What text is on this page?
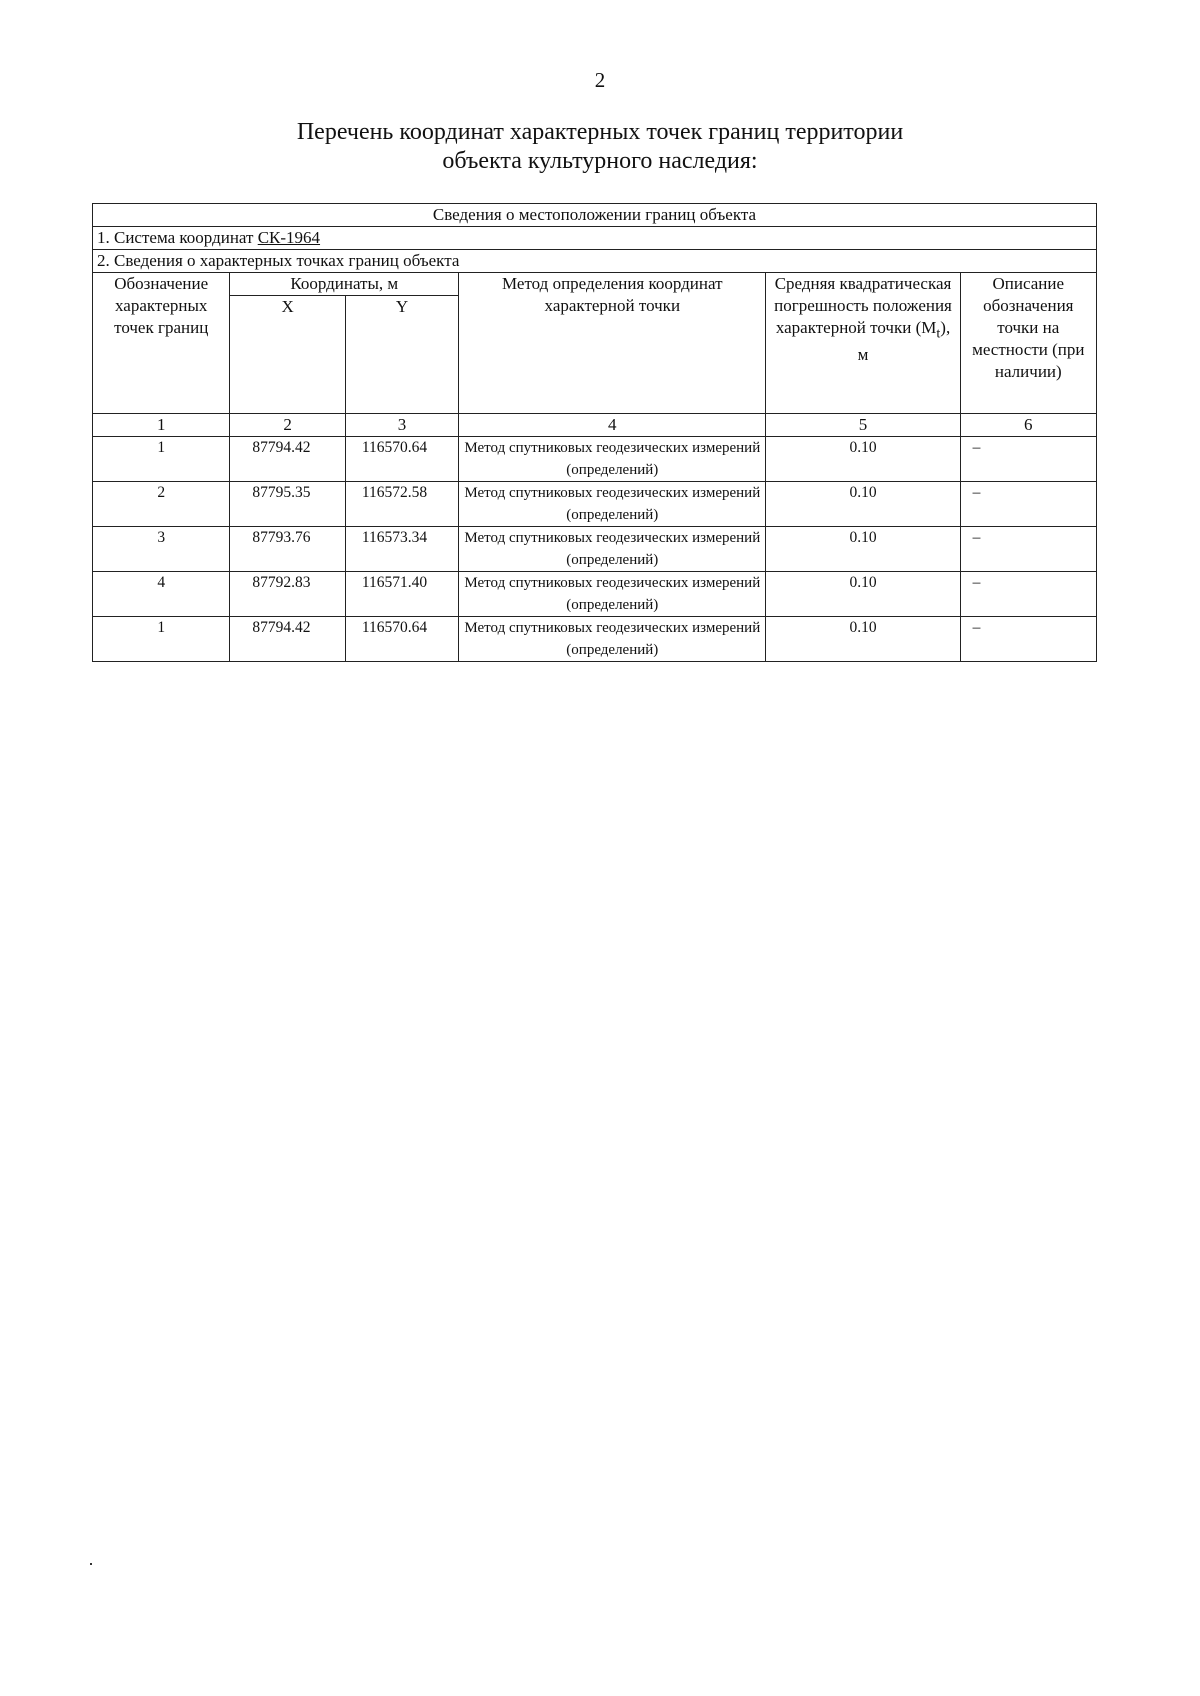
2
Перечень координат характерных точек границ территории
объекта культурного наследия:
Сведения о местоположении границ объекта					
1. Система координат СК-1964					
2. Сведения о характерных точках границ объекта					
Обозначение характерных точек границ	Координаты, м		Метод определения координат характерной точки	Средняя квадратическая погрешность положения характерной точки $(M_t)$, м	Описание обозначения точки на местности (при наличии)
	X	Y			
1	2	3	4	5	6
1	87794.42	116570.64	Метод спутниковых геодезических измерений (определений)	0.10	–
2	87795.35	116572.58	Метод спутниковых геодезических измерений (определений)	0.10	–
3	87793.76	116573.34	Метод спутниковых геодезических измерений (определений)	0.10	–
4	87792.83	116571.40	Метод спутниковых геодезических измерений (определений)	0.10	–
1	87794.42	116570.64	Метод спутниковых геодезических измерений (определений)	0.10	–
